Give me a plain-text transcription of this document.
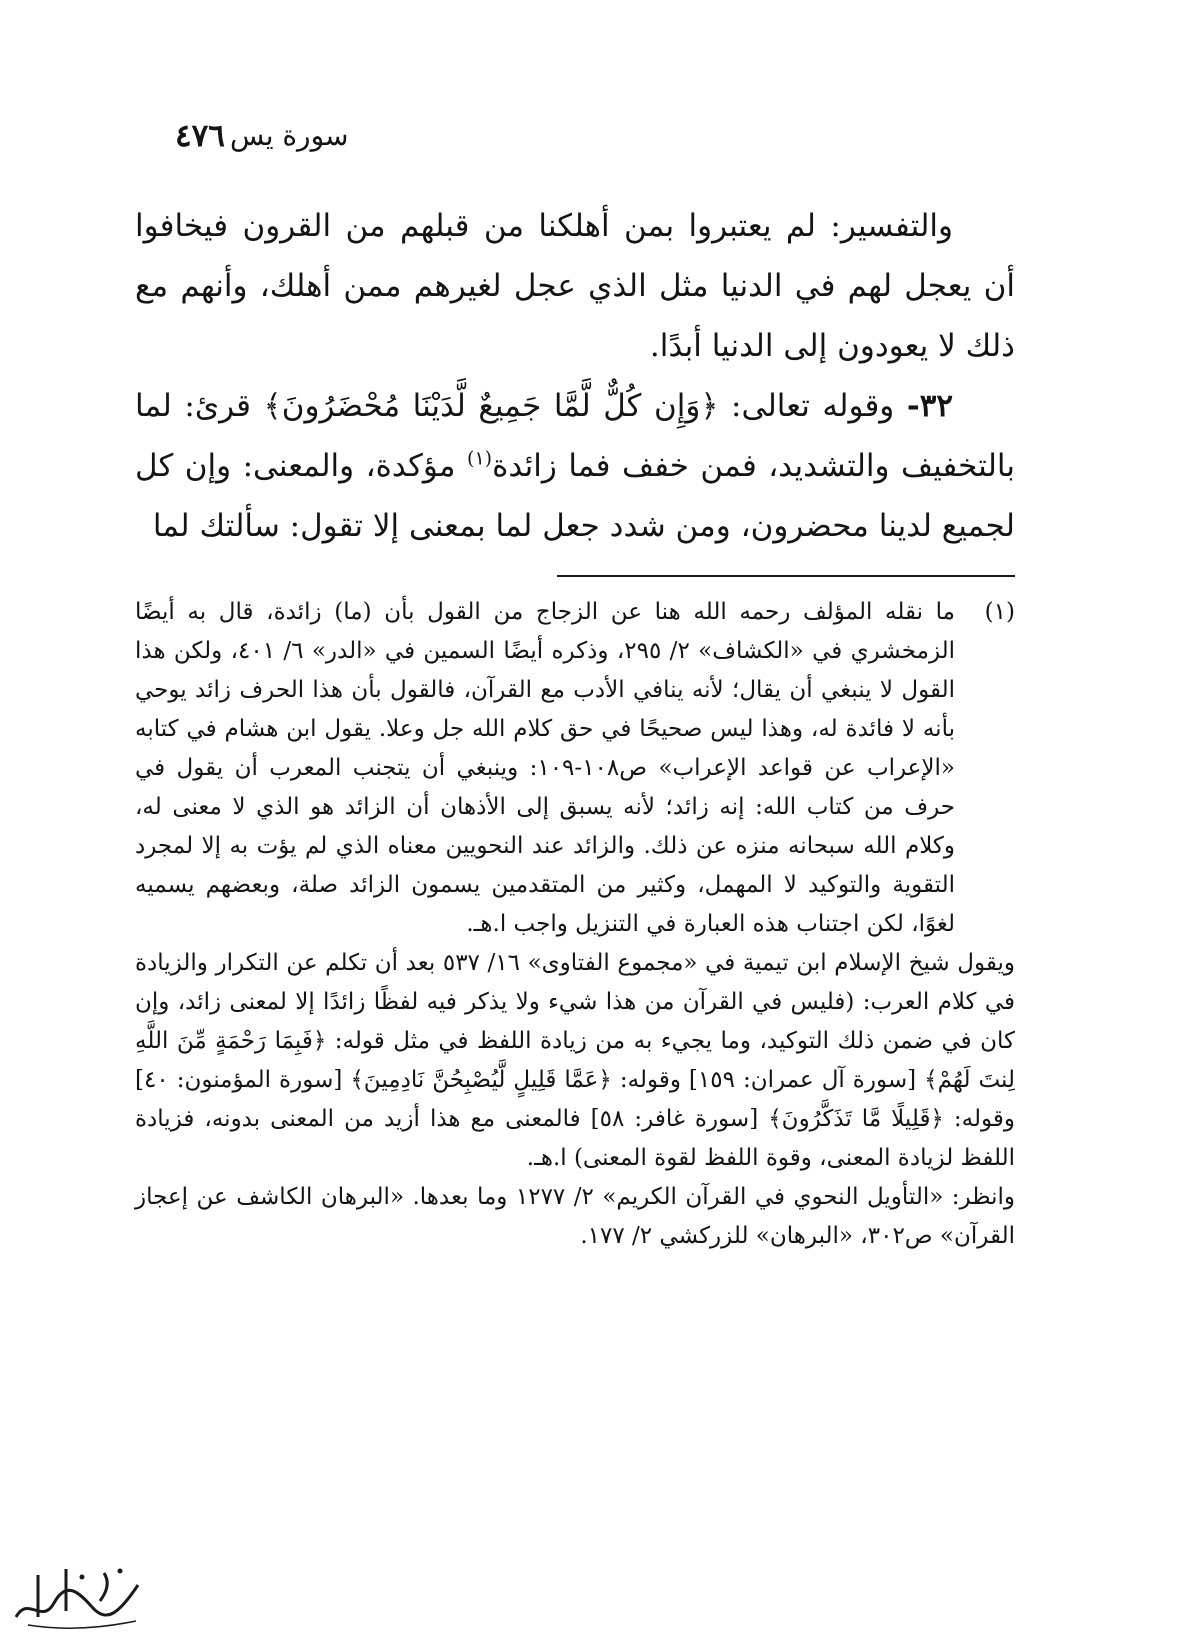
٤٧٦ سورة يس

والتفسير: لم يعتبروا بمن أهلكنا من قبلهم من القرون فيخافوا أن يعجل لهم في الدنيا مثل الذي عجل لغيرهم ممن أهلك، وأنهم مع ذلك لا يعودون إلى الدنيا أبدًا.

٣٢- وقوله تعالى: ﴿وَإِن كُلٌّ لَّمَّا جَمِيعٌ لَّدَيْنَا مُحْضَرُونَ﴾ قرئ: لما بالتخفيف والتشديد، فمن خفف فما زائدة$^{(١)}$ مؤكدة، والمعنى: وإن كل لجميع لدينا محضرون، ومن شدد جعل لما بمعنى إلا تقول: سألتك لما

(١)

ما نقله المؤلف رحمه الله هنا عن الزجاج من القول بأن (ما) زائدة، قال به أيضًا الزمخشري في «الكشاف» ٢/ ٢٩٥، وذكره أيضًا السمين في «الدر» ٦/ ٤٠١، ولكن هذا القول لا ينبغي أن يقال؛ لأنه ينافي الأدب مع القرآن، فالقول بأن هذا الحرف زائد يوحي بأنه لا فائدة له، وهذا ليس صحيحًا في حق كلام الله جل وعلا. يقول ابن هشام في كتابه «الإعراب عن قواعد الإعراب» ص١٠٨-١٠٩: وينبغي أن يتجنب المعرب أن يقول في حرف من كتاب الله: إنه زائد؛ لأنه يسبق إلى الأذهان أن الزائد هو الذي لا معنى له، وكلام الله سبحانه منزه عن ذلك. والزائد عند النحويين معناه الذي لم يؤت به إلا لمجرد التقوية والتوكيد لا المهمل، وكثير من المتقدمين يسمون الزائد صلة، وبعضهم يسميه لغوًا، لكن اجتناب هذه العبارة في التنزيل واجب ا.هـ.

ويقول شيخ الإسلام ابن تيمية في «مجموع الفتاوى» ١٦/ ٥٣٧ بعد أن تكلم عن التكرار والزيادة في كلام العرب: (فليس في القرآن من هذا شيء ولا يذكر فيه لفظًا زائدًا إلا لمعنى زائد، وإن كان في ضمن ذلك التوكيد، وما يجيء به من زيادة اللفظ في مثل قوله: ﴿فَبِمَا رَحْمَةٍ مِّنَ اللَّهِ لِنتَ لَهُمْ﴾ [سورة آل عمران: ١٥٩] وقوله: ﴿عَمَّا قَلِيلٍ لَّيُصْبِحُنَّ نَادِمِينَ﴾ [سورة المؤمنون: ٤٠] وقوله: ﴿قَلِيلًا مَّا تَذَكَّرُونَ﴾ [سورة غافر: ٥٨] فالمعنى مع هذا أزيد من المعنى بدونه، فزيادة اللفظ لزيادة المعنى، وقوة اللفظ لقوة المعنى) ا.هـ.

وانظر: «التأويل النحوي في القرآن الكريم» ٢/ ١٢٧٧ وما بعدها. «البرهان الكاشف عن إعجاز القرآن» ص٣٠٢، «البرهان» للزركشي ٢/ ١٧٧.
